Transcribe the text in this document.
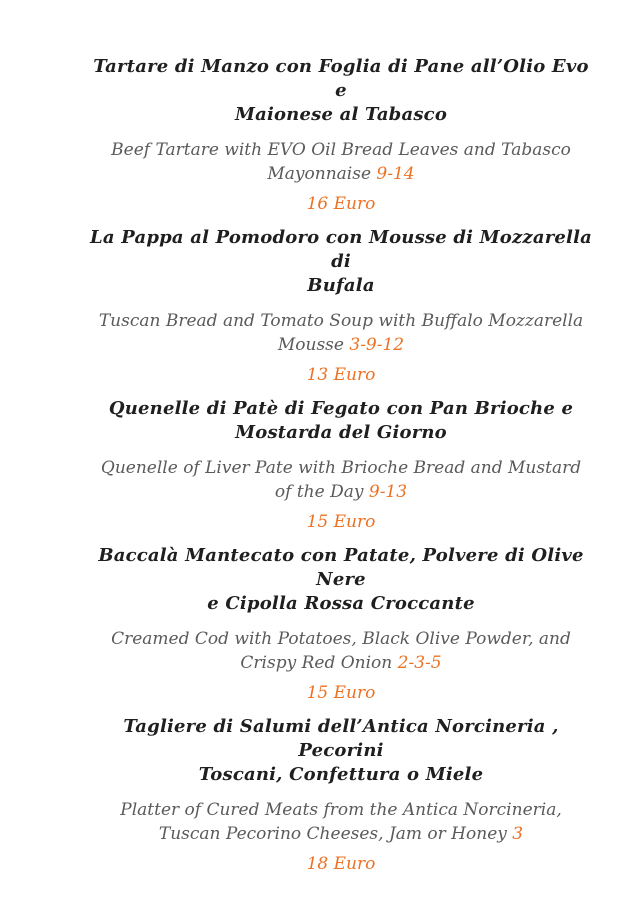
Tartare di Manzo con Foglia di Pane all’Olio Evo e
Maionese al Tabasco

Beef Tartare with EVO Oil Bread Leaves and Tabasco
Mayonnaise 9-14

16 Euro

La Pappa al Pomodoro con Mousse di Mozzarella di
Bufala

Tuscan Bread and Tomato Soup with Buffalo Mozzarella
Mousse 3-9-12

13 Euro

Quenelle di Patè di Fegato con Pan Brioche e
Mostarda del Giorno

Quenelle of Liver Pate with Brioche Bread and Mustard
of the Day 9-13

15 Euro

Baccalà Mantecato con Patate, Polvere di Olive Nere
e Cipolla Rossa Croccante

Creamed Cod with Potatoes, Black Olive Powder, and
Crispy Red Onion 2-3-5

15 Euro

Tagliere di Salumi dell’Antica Norcineria , Pecorini
Toscani, Confettura o Miele

Platter of Cured Meats from the Antica Norcineria,
Tuscan Pecorino Cheeses, Jam or Honey 3

18 Euro
